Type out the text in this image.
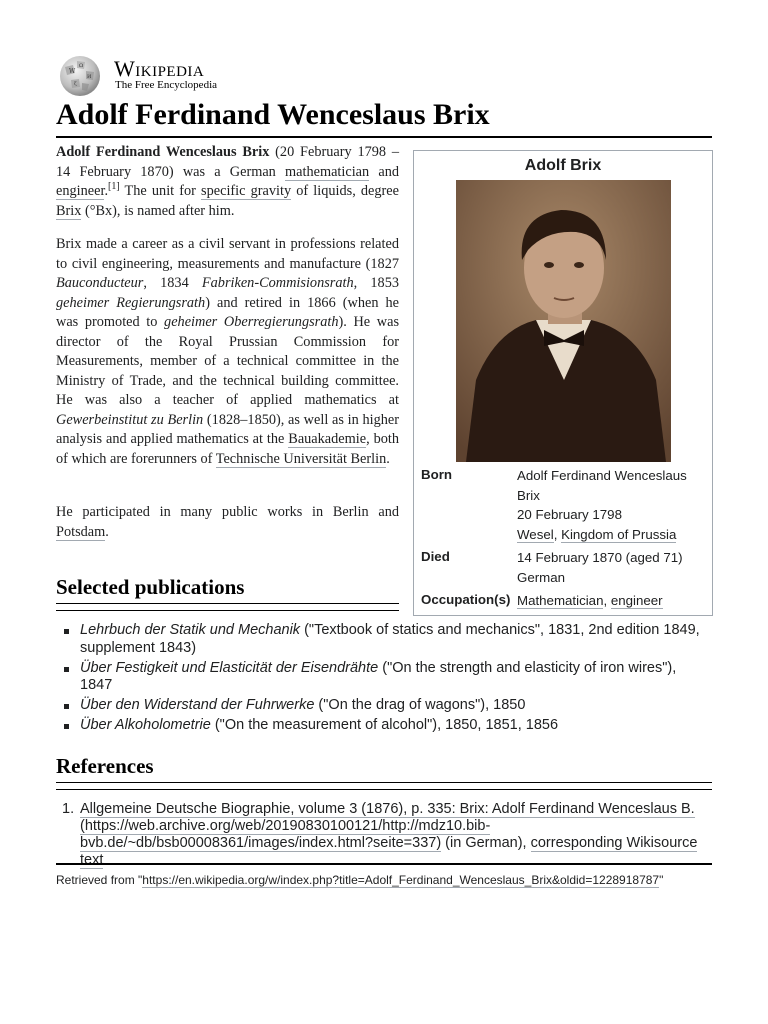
W
Ω
И
ζ
Wikipedia
The Free Encyclopedia
Adolf Ferdinand Wenceslaus Brix

Adolf Ferdinand Wenceslaus Brix (20 February 1798 – 14 February 1870) was a German mathematician and engineer.[1] The unit for specific gravity of liquids, degree Brix (°Bx), is named after him.

Brix made a career as a civil servant in professions related to civil engineering, measurements and manufacture (1827 Bauconducteur, 1834 Fabriken-Commisionsrath, 1853 geheimer Regierungsrath) and retired in 1866 (when he was promoted to geheimer Oberregierungsrath). He was director of the Royal Prussian Commission for Measurements, member of a technical committee in the Ministry of Trade, and the technical building committee. He was also a teacher of applied mathematics at Gewerbeinstitut zu Berlin (1828–1850), as well as in higher analysis and applied mathematics at the Bauakademie, both of which are forerunners of Technische Universität Berlin.

He participated in many public works in Berlin and Potsdam.

Adolf Brix
Born	Adolf Ferdinand Wenceslaus Brix
20 February 1798
Wesel, Kingdom of Prussia
Died	14 February 1870 (aged 71)
German
Occupation(s) Mathematician, engineer
Selected publications
Lehrbuch der Statik und Mechanik ("Textbook of statics and mechanics", 1831, 2nd edition 1849, supplement 1843)
Über Festigkeit und Elasticität der Eisendrähte ("On the strength and elasticity of iron wires"), 1847
Über den Widerstand der Fuhrwerke ("On the drag of wagons"), 1850
Über Alkoholometrie ("On the measurement of alcohol"), 1850, 1851, 1856
References
1. Allgemeine Deutsche Biographie, volume 3 (1876), p. 335: Brix: Adolf Ferdinand Wenceslaus B. (https://web.archive.org/web/20190830100121/http://mdz10.bib-bvb.de/~db/bsb00008361/images/index.html?seite=337) (in German), corresponding Wikisource text
Retrieved from "https://en.wikipedia.org/w/index.php?title=Adolf_Ferdinand_Wenceslaus_Brix&oldid=1228918787"
